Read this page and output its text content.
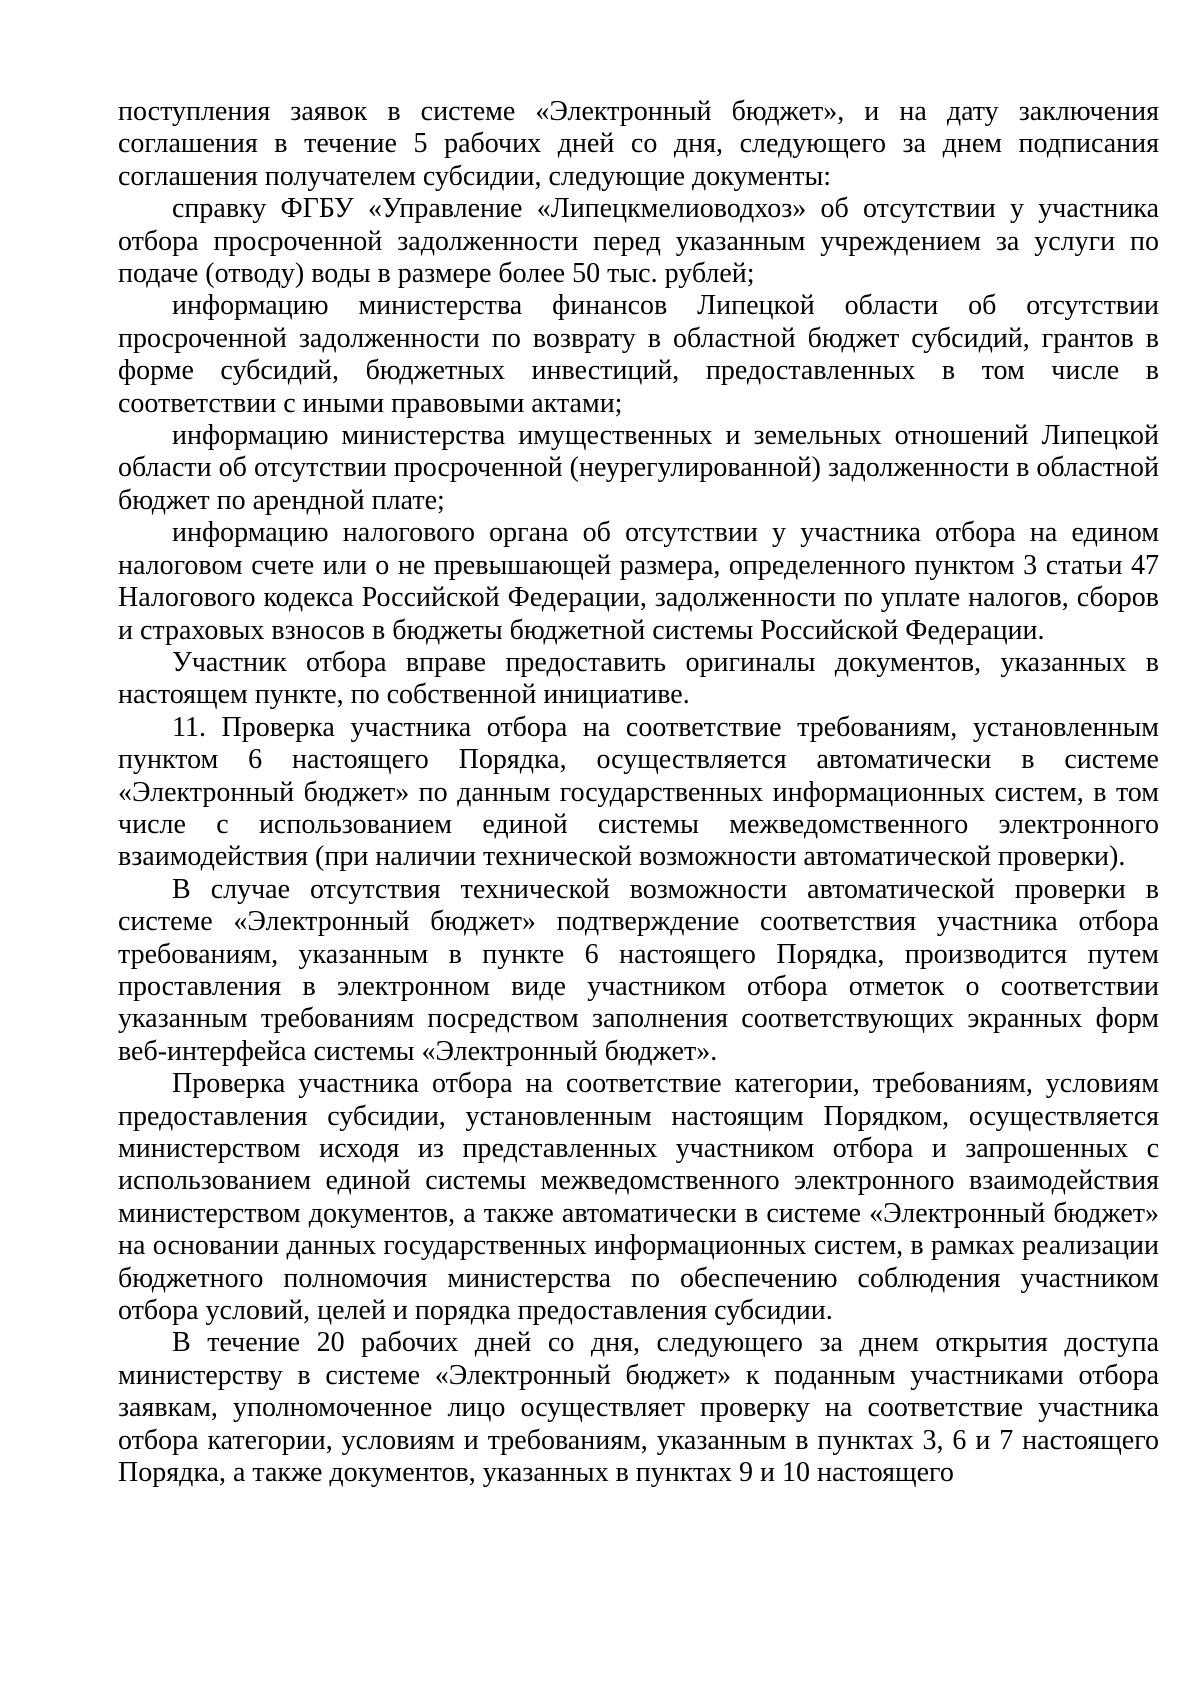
поступления заявок в системе «Электронный бюджет», и на дату заключения соглашения в течение 5 рабочих дней со дня, следующего за днем подписания соглашения получателем субсидии, следующие документы:

справку ФГБУ «Управление «Липецкмелиоводхоз» об отсутствии у участника отбора просроченной задолженности перед указанным учреждением за услуги по подаче (отводу) воды в размере более 50 тыс. рублей;

информацию министерства финансов Липецкой области об отсутствии просроченной задолженности по возврату в областной бюджет субсидий, грантов в форме субсидий, бюджетных инвестиций, предоставленных в том числе в соответствии с иными правовыми актами;

информацию министерства имущественных и земельных отношений Липецкой области об отсутствии просроченной (неурегулированной) задолженности в областной бюджет по арендной плате;

информацию налогового органа об отсутствии у участника отбора на едином налоговом счете или о не превышающей размера, определенного пунктом 3 статьи 47 Налогового кодекса Российской Федерации, задолженности по уплате налогов, сборов и страховых взносов в бюджеты бюджетной системы Российской Федерации.

Участник отбора вправе предоставить оригиналы документов, указанных в настоящем пункте, по собственной инициативе.

11. Проверка участника отбора на соответствие требованиям, установленным пунктом 6 настоящего Порядка, осуществляется автоматически в системе «Электронный бюджет» по данным государственных информационных систем, в том числе с использованием единой системы межведомственного электронного взаимодействия (при наличии технической возможности автоматической проверки).

В случае отсутствия технической возможности автоматической проверки в системе «Электронный бюджет» подтверждение соответствия участника отбора требованиям, указанным в пункте 6 настоящего Порядка, производится путем проставления в электронном виде участником отбора отметок о соответствии указанным требованиям посредством заполнения соответствующих экранных форм веб-интерфейса системы «Электронный бюджет».

Проверка участника отбора на соответствие категории, требованиям, условиям предоставления субсидии, установленным настоящим Порядком, осуществляется министерством исходя из представленных участником отбора и запрошенных с использованием единой системы межведомственного электронного взаимодействия министерством документов, а также автоматически в системе «Электронный бюджет» на основании данных государственных информационных систем, в рамках реализации бюджетного полномочия министерства по обеспечению соблюдения участником отбора условий, целей и порядка предоставления субсидии.

В течение 20 рабочих дней со дня, следующего за днем открытия доступа министерству в системе «Электронный бюджет» к поданным участниками отбора заявкам, уполномоченное лицо осуществляет проверку на соответствие участника отбора категории, условиям и требованиям, указанным в пунктах 3, 6 и 7 настоящего Порядка, а также документов, указанных в пунктах 9 и 10 настоящего
